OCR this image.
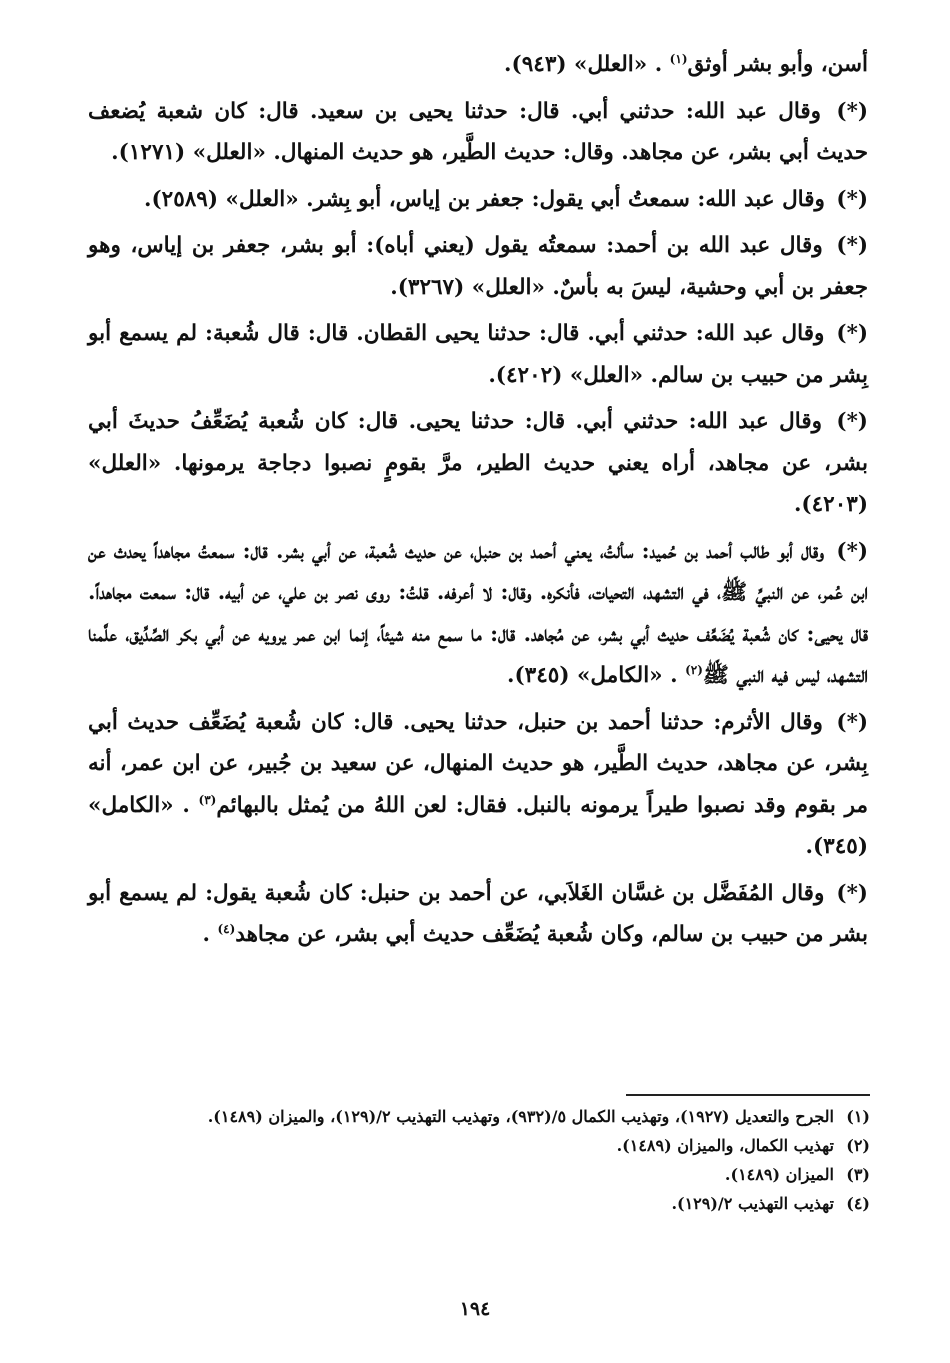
أسن، وأبو بشر أوثق$^{(١)}$ . «العلل» (٩٤٣).

(*) وقال عبد الله: حدثني أبي. قال: حدثنا يحيى بن سعيد. قال: كان شعبة يُضعف حديث أبي بشر، عن مجاهد. وقال: حديث الطَّير، هو حديث المنهال. «العلل» (١٢٧١).

(*) وقال عبد الله: سمعتُ أبي يقول: جعفر بن إياس، أبو بِشر. «العلل» (٢٥٨٩).

(*) وقال عبد الله بن أحمد: سمعتُه يقول (يعني أباه): أبو بشر، جعفر بن إياس، وهو جعفر بن أبي وحشية، ليسَ به بأسٌ. «العلل» (٣٢٦٧).

(*) وقال عبد الله: حدثني أبي. قال: حدثنا يحيى القطان. قال: قال شُعبة: لم يسمع أبو بِشر من حبيب بن سالم. «العلل» (٤٢٠٢).

(*) وقال عبد الله: حدثني أبي. قال: حدثنا يحيى. قال: كان شُعبة يُضَعِّفُ حديثَ أبي بشر، عن مجاهد، أراه يعني حديث الطير، مرَّ بقومٍ نصبوا دجاجة يرمونها. «العلل» (٤٢٠٣).

(*) وقال أبو طالب أحمد بن حُميد: سألتُ، يعني أحمد بن حنبل، عن حديث شُعبة، عن أبي بشر. قال: سمعتُ مجاهداً يحدث عن ابن عُمر، عن النبيِّ ﷺ، في التشهد، التحيات، فأنكره. وقال: لا أعرفه. قلتُ: روى نصر بن علي، عن أبيه. قال: سمعت مجاهداً. قال يحيى: كان شُعبة يُضَعِّف حديث أبي بشر، عن مُجاهد. قال: ما سمع منه شيئاً، إنما ابن عمر يرويه عن أبي بكر الصِّدِّيق، علَّمنا التشهد، ليس فيه النبي ﷺ$^{(٢)}$ . «الكامل» (٣٤٥).

(*) وقال الأثرم: حدثنا أحمد بن حنبل، حدثنا يحيى. قال: كان شُعبة يُضَعِّف حديث أبي بِشر، عن مجاهد، حديث الطَّير، هو حديث المنهال، عن سعيد بن جُبير، عن ابن عمر، أنه مر بقوم وقد نصبوا طيراً يرمونه بالنبل. فقال: لعن اللهُ من يُمثل بالبهائم$^{(٣)}$ . «الكامل» (٣٤٥).

(*) وقال المُفَضَّل بن غسَّان الغَلاَبي، عن أحمد بن حنبل: كان شُعبة يقول: لم يسمع أبو بشر من حبيب بن سالم، وكان شُعبة يُضَعِّف حديث أبي بشر، عن مجاهد$^{(٤)}$ .

(١)
الجرح والتعديل (١٩٢٧)، وتهذيب الكمال ٥/(٩٣٢)، وتهذيب التهذيب ٢/(١٢٩)، والميزان (١٤٨٩).
(٢)
تهذيب الكمال، والميزان (١٤٨٩).
(٣)
الميزان (١٤٨٩).
(٤)
تهذيب التهذيب ٢/(١٢٩).
١٩٤
